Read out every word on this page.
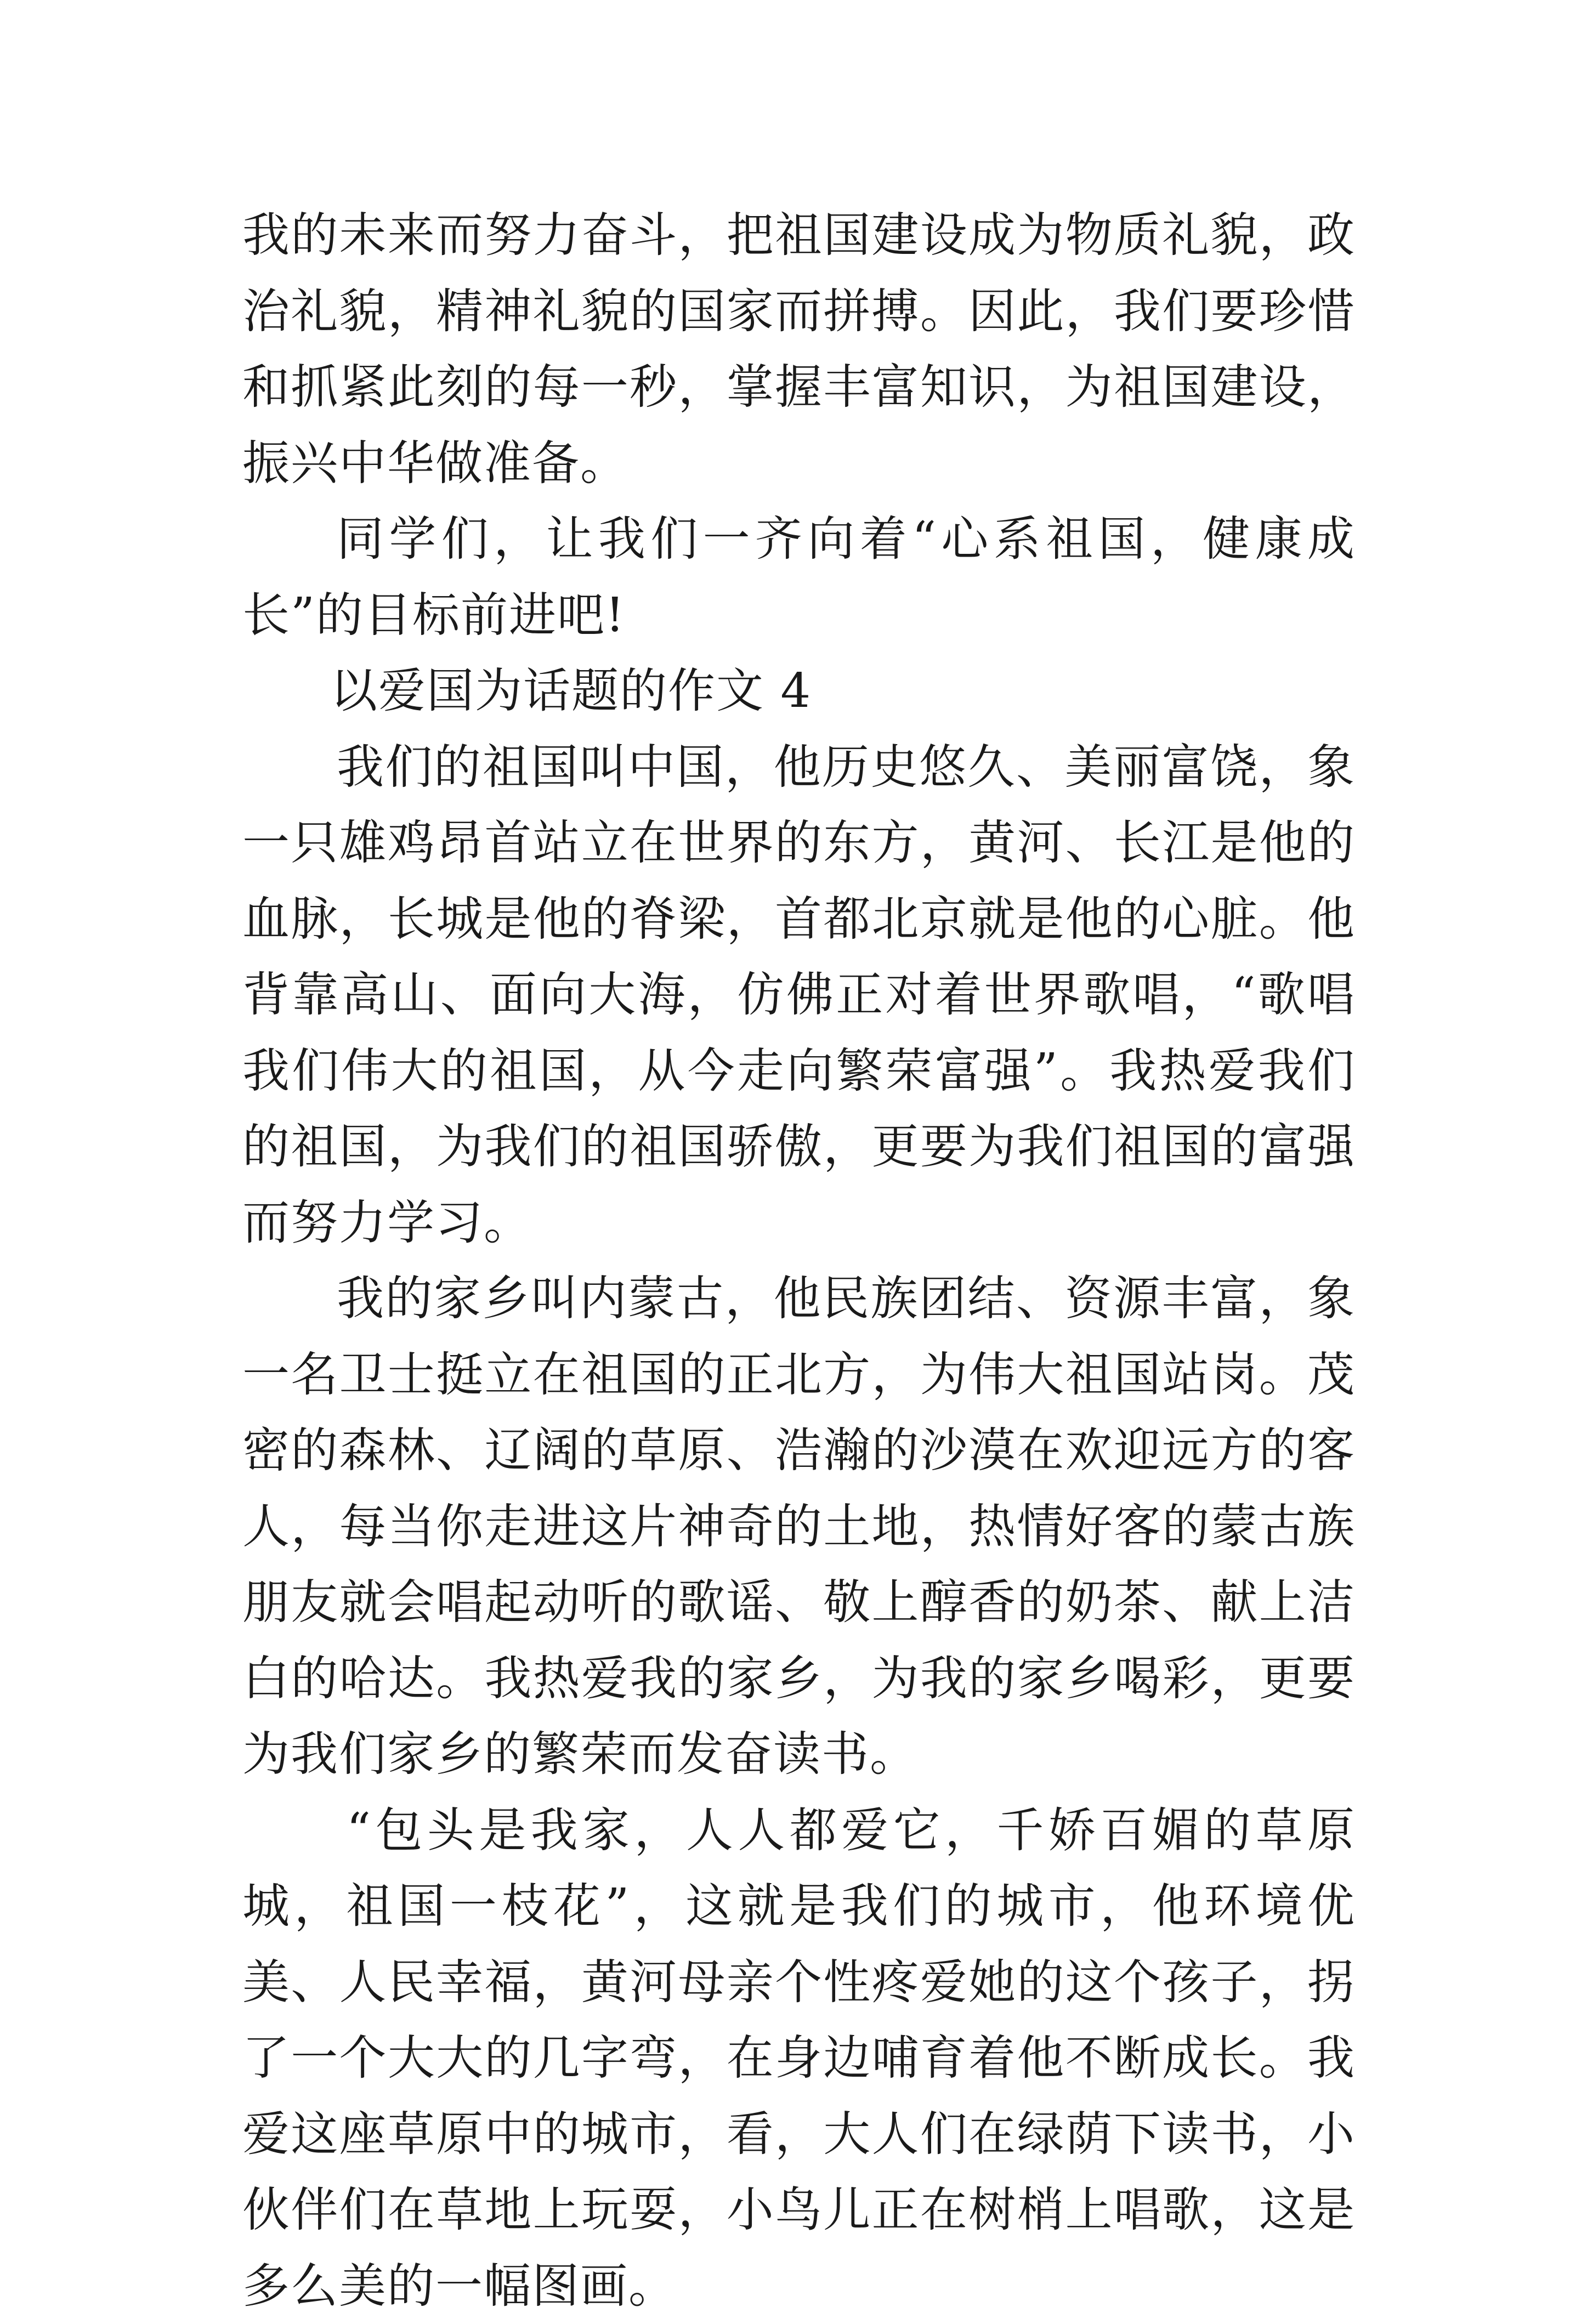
我的未来而努力奋斗，把祖国建设成为物质礼貌，政治礼貌，精神礼貌的国家而拼搏。因此，我们要珍惜和抓紧此刻的每一秒，掌握丰富知识，为祖国建设，振兴中华做准备。

同学们，让我们一齐向着“心系祖国，健康成长”的目标前进吧!

以爱国为话题的作文 4

我们的祖国叫中国，他历史悠久、美丽富饶，象一只雄鸡昂首站立在世界的东方，黄河、长江是他的血脉，长城是他的脊梁，首都北京就是他的心脏。他背靠高山、面向大海，仿佛正对着世界歌唱，“歌唱我们伟大的祖国，从今走向繁荣富强”。我热爱我们的祖国，为我们的祖国骄傲，更要为我们祖国的富强而努力学习。

我的家乡叫内蒙古，他民族团结、资源丰富，象一名卫士挺立在祖国的正北方，为伟大祖国站岗。茂密的森林、辽阔的草原、浩瀚的沙漠在欢迎远方的客人，每当你走进这片神奇的土地，热情好客的蒙古族朋友就会唱起动听的歌谣、敬上醇香的奶茶、献上洁白的哈达。我热爱我的家乡，为我的家乡喝彩，更要为我们家乡的繁荣而发奋读书。

“包头是我家，人人都爱它，千娇百媚的草原城，祖国一枝花”，这就是我们的城市，他环境优美、人民幸福，黄河母亲个性疼爱她的这个孩子，拐了一个大大的几字弯，在身边哺育着他不断成长。我爱这座草原中的城市，看，大人们在绿荫下读书，小伙伴们在草地上玩耍，小鸟儿正在树梢上唱歌，这是多么美的一幅图画。
